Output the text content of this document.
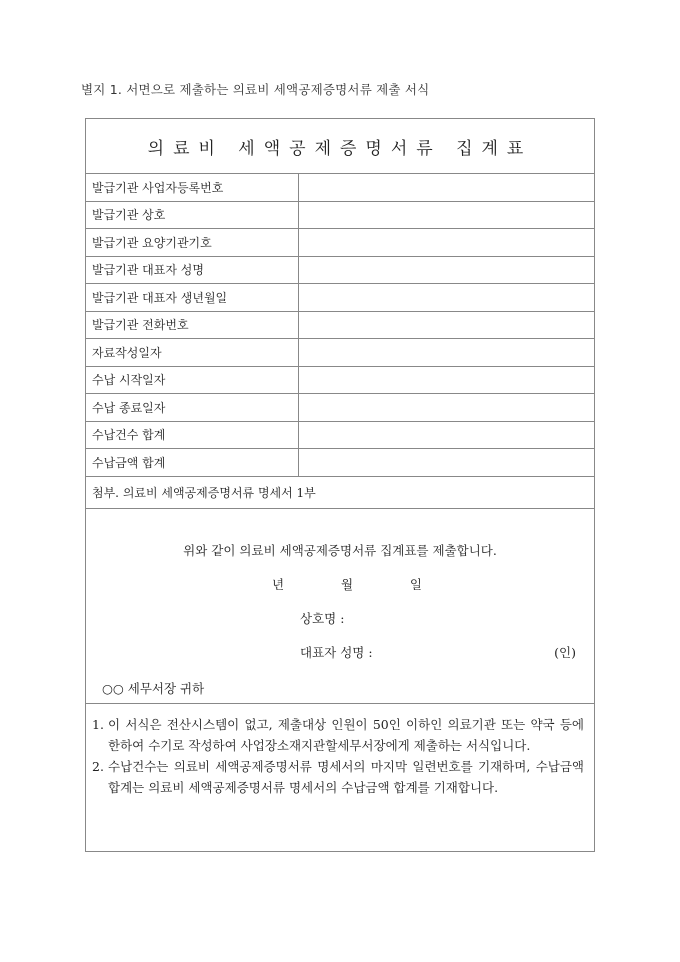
별지 1. 서면으로 제출하는 의료비 세액공제증명서류 제출 서식
의료비 세액공제증명서류 집계표
발급기관 사업자등록번호
발급기관 상호
발급기관 요양기관기호
발급기관 대표자 성명
발급기관 대표자 생년월일
발급기관 전화번호
자료작성일자
수납 시작일자
수납 종료일자
수납건수 합계
수납금액 합계
첨부. 의료비 세액공제증명서류 명세서 1부
위와 같이 의료비 세액공제증명서류 집계표를 제출합니다.
년	월	일
상호명 :
대표자 성명 :	(인)
○○ 세무서장 귀하
1. 이 서식은 전산시스템이 없고, 제출대상 인원이 50인 이하인 의료기관 또는 약국 등에 한하여 수기로 작성하여 사업장소재지관할세무서장에게 제출하는 서식입니다.
2. 수납건수는 의료비 세액공제증명서류 명세서의 마지막 일련번호를 기재하며, 수납금액 합계는 의료비 세액공제증명서류 명세서의 수납금액 합계를 기재합니다.
